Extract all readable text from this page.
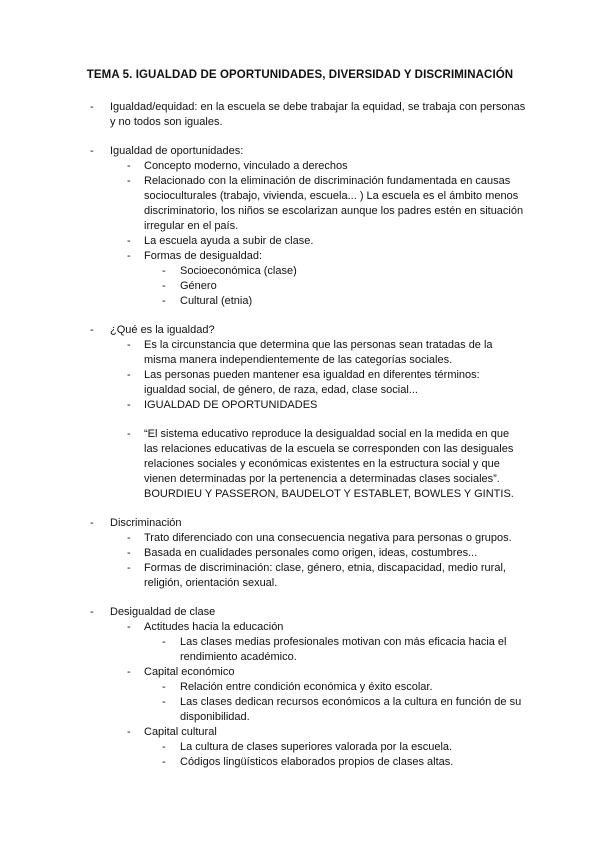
TEMA 5. IGUALDAD DE OPORTUNIDADES, DIVERSIDAD Y DISCRIMINACIÓN
- Igualdad/equidad: en la escuela se debe trabajar la equidad, se trabaja con personas
y no todos son iguales.
- Igualdad de oportunidades:
- Concepto moderno, vinculado a derechos
- Relacionado con la eliminación de discriminación fundamentada en causas
socioculturales (trabajo, vivienda, escuela... ) La escuela es el ámbito menos
discriminatorio, los niños se escolarizan aunque los padres estén en situación
irregular en el país.
- La escuela ayuda a subir de clase.
- Formas de desigualdad:
- Socioeconómica (clase)
- Género
- Cultural (etnia)
- ¿Qué es la igualdad?
- Es la circunstancia que determina que las personas sean tratadas de la
misma manera independientemente de las categorías sociales.
- Las personas pueden mantener esa igualdad en diferentes términos:
igualdad social, de género, de raza, edad, clase social...
- IGUALDAD DE OPORTUNIDADES
- “El sistema educativo reproduce la desigualdad social en la medida en que
las relaciones educativas de la escuela se corresponden con las desiguales
relaciones sociales y económicas existentes en la estructura social y que
vienen determinadas por la pertenencia a determinadas clases sociales”.
BOURDIEU Y PASSERON, BAUDELOT Y ESTABLET, BOWLES Y GINTIS.
- Discriminación
- Trato diferenciado con una consecuencia negativa para personas o grupos.
- Basada en cualidades personales como origen, ideas, costumbres...
- Formas de discriminación: clase, género, etnia, discapacidad, medio rural,
religión, orientación sexual.
- Desigualdad de clase
- Actitudes hacia la educación
- Las clases medias profesionales motivan con más eficacia hacia el
rendimiento académico.
- Capital económico
- Relación entre condición económica y éxito escolar.
- Las clases dedican recursos económicos a la cultura en función de su
disponibilidad.
- Capital cultural
- La cultura de clases superiores valorada por la escuela.
- Códigos lingüísticos elaborados propios de clases altas.
